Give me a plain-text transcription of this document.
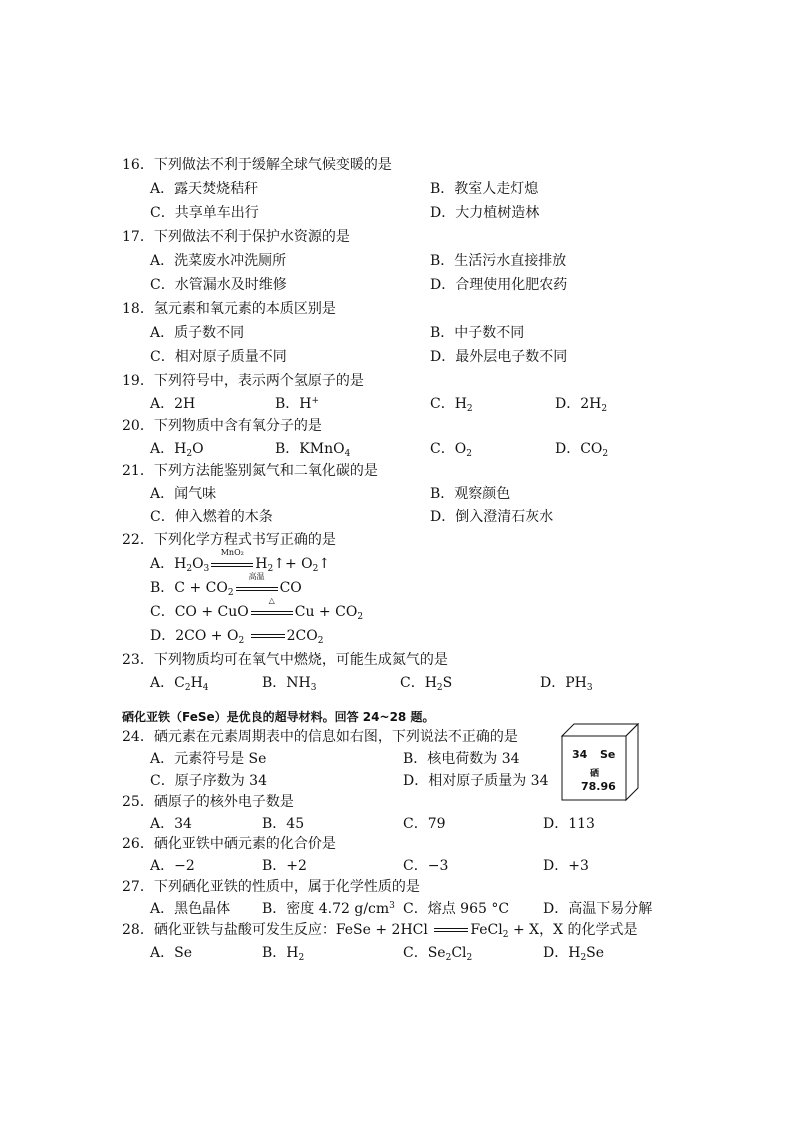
16．下列做法不利于缓解全球气候变暖的是
A．露天焚烧秸秆	B．教室人走灯熄
C．共享单车出行	D．大力植树造林
17．下列做法不利于保护水资源的是
A．洗菜废水冲洗厕所	B．生活污水直接排放
C．水管漏水及时维修	D．合理使用化肥农药
18．氢元素和氧元素的本质区别是
A．质子数不同	B．中子数不同
C．相对原子质量不同	D．最外层电子数不同
19．下列符号中，表示两个氢原子的是
A．2H	B．H+	C．$H_2$	D．$2H_2$
20．下列物质中含有氧分子的是
A．$H_2O$	B．KMnO$_4$	C．$O_2$	D．$CO_2$
21．下列方法能鉴别氮气和二氧化碳的是
A．闻气味	B．观察颜色
C．伸入燃着的木条	D．倒入澄清石灰水
22．下列化学方程式书写正确的是
A．$H_2O_3$
MnO₂
$H_2↑+$ $O_2↑$
B．$C + CO_2$
高温
CO
C．CO + CuO
△
$Cu + CO_2$
D．$2CO + O_2$	$2CO_2$
23．下列物质均可在氧气中燃烧，可能生成氮气的是
A．$C_2H_4$	B．$NH_3$	C．$H_2S$	D．$PH_3$
硒化亚铁（FeSe）是优良的超导材料。回答 24~28 题。
24．硒元素在元素周期表中的信息如右图，下列说法不正确的是
A．元素符号是 Se	B．核电荷数为 34
C．原子序数为 34	D．相对原子质量为 34
34 Se
硒
78.96
25．硒原子的核外电子数是
A．34	B．45	C．79	D．113
26．硒化亚铁中硒元素的化合价是
A．−2	B．+2	C．−3	D．+3
27．下列硒化亚铁的性质中，属于化学性质的是
A．黑色晶体 B．密度 4.72 $g/cm^3$ C．熔点 965 °C D．高温下易分解
28．硒化亚铁与盐酸可发生反应：FeSe + 2HCl	FeCl$_2$ + X，X 的化学式是
A．Se	B．$H_2$	C．$Se_2Cl_2$	D．$H_2Se$
